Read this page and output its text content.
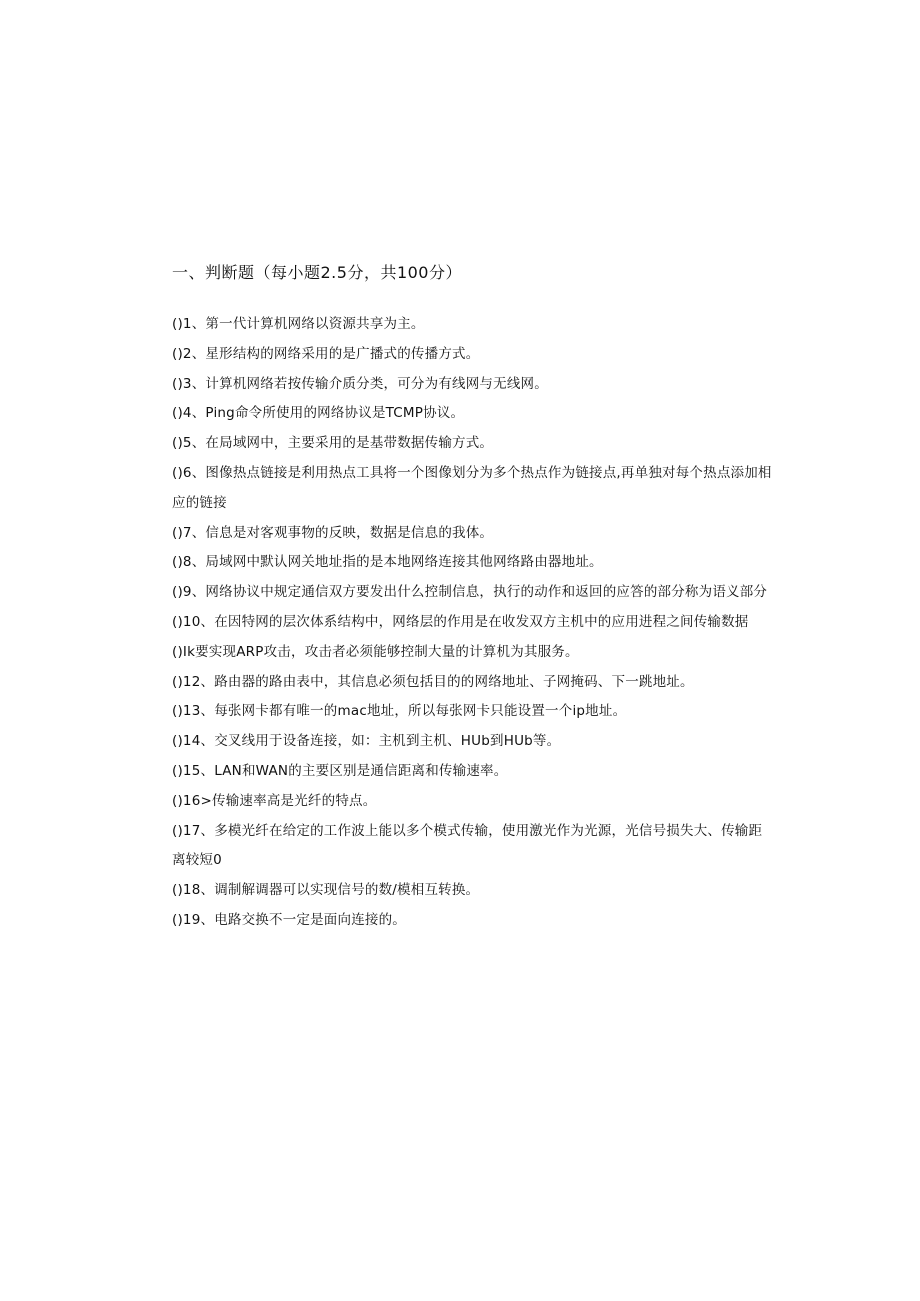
一、判断题（每小题2.5分，共100分）
()1、第一代计算机网络以资源共享为主。
()2、星形结构的网络采用的是广播式的传播方式。
()3、计算机网络若按传输介质分类，可分为有线网与无线网。
()4、Ping命令所使用的网络协议是TCMP协议。
()5、在局域网中，主要采用的是基带数据传输方式。
()6、图像热点链接是利用热点工具将一个图像划分为多个热点作为链接点,再单独对每个热点添加相应的链接
()7、信息是对客观事物的反映，数据是信息的我体。
()8、局域网中默认网关地址指的是本地网络连接其他网络路由器地址。
()9、网络协议中规定通信双方要发出什么控制信息，执行的动作和返回的应答的部分称为语义部分
()10、在因特网的层次体系结构中，网络层的作用是在收发双方主机中的应用进程之间传输数据
()Ik要实现ARP攻击，攻击者必须能够控制大量的计算机为其服务。
()12、路由器的路由表中，其信息必须包括目的的网络地址、子网掩码、下一跳地址。
()13、每张网卡都有唯一的mac地址，所以每张网卡只能设置一个ip地址。
()14、交叉线用于设备连接，如：主机到主机、HUb到HUb等。
()15、LAN和WAN的主要区别是通信距离和传输速率。
()16>传输速率高是光纤的特点。
()17、多模光纤在给定的工作波上能以多个模式传输，使用激光作为光源，光信号损失大、传输距离较短0
()18、调制解调器可以实现信号的数/模相互转换。
()19、电路交换不一定是面向连接的。
